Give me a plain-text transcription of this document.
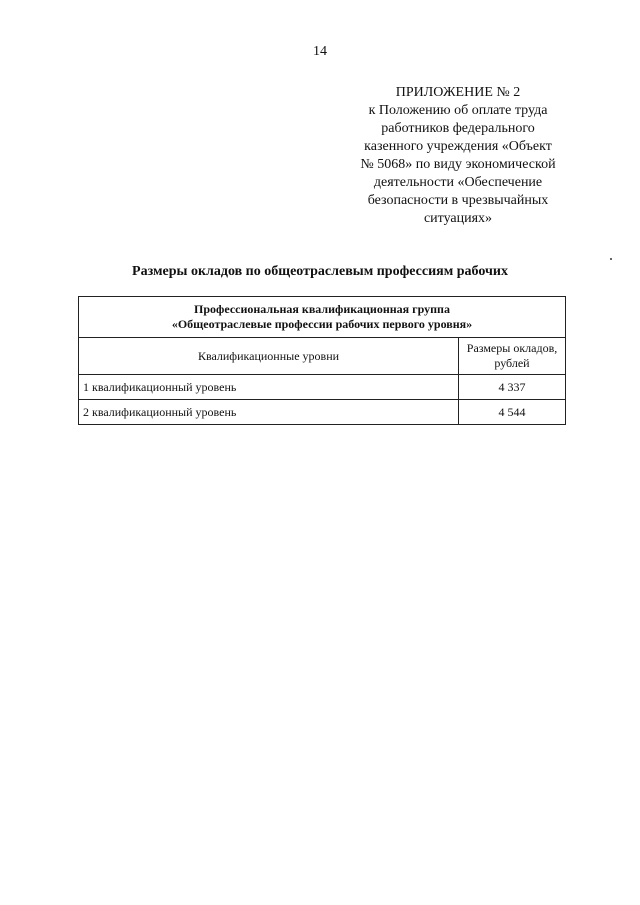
14
ПРИЛОЖЕНИЕ № 2
к Положению об оплате труда
работников федерального
казенного учреждения «Объект
№ 5068» по виду экономической
деятельности «Обеспечение
безопасности в чрезвычайных
ситуациях»
Размеры окладов по общеотраслевым профессиям рабочих
Профессиональная квалификационная группа
«Общеотраслевые профессии рабочих первого уровня»	

Квалификационные уровни	Размеры окладов,
рублей

1 квалификационный уровень	4 337
2 квалификационный уровень	4 544
